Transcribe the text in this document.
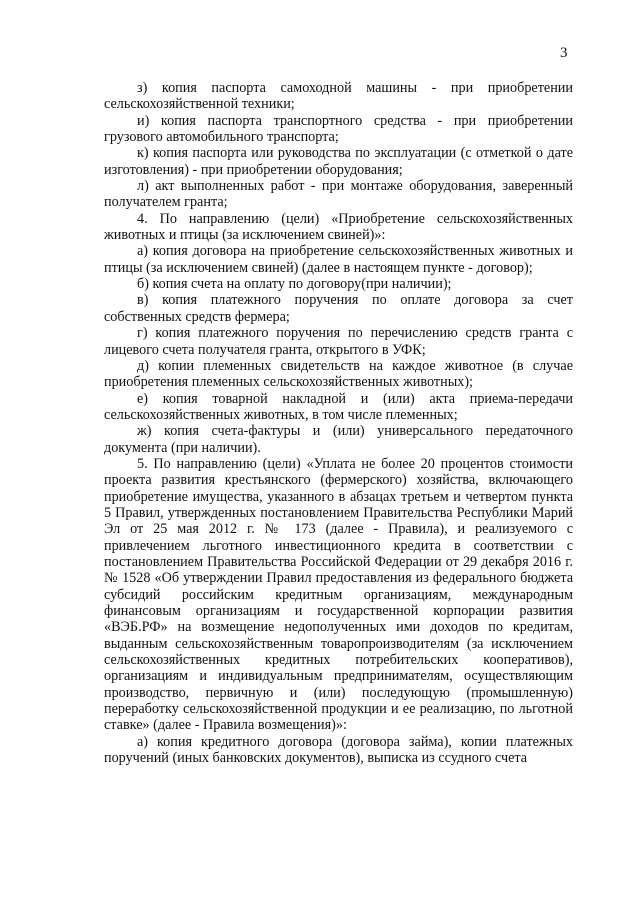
3

з) копия паспорта самоходной машины - при приобретении сельскохозяйственной техники;

и) копия паспорта транспортного средства - при приобретении грузового автомобильного транспорта;

к) копия паспорта или руководства по эксплуатации (с отметкой о дате изготовления) - при приобретении оборудования;

л) акт выполненных работ - при монтаже оборудования, заверенный получателем гранта;

4. По направлению (цели) «Приобретение сельскохозяйственных животных и птицы (за исключением свиней)»:

а) копия договора на приобретение сельскохозяйственных животных и птицы (за исключением свиней) (далее в настоящем пункте - договор);

б) копия счета на оплату по договору(при наличии);

в) копия платежного поручения по оплате договора за счет собственных средств фермера;

г) копия платежного поручения по перечислению средств гранта с лицевого счета получателя гранта, открытого в УФК;

д) копии племенных свидетельств на каждое животное (в случае приобретения племенных сельскохозяйственных животных);

е) копия товарной накладной и (или) акта приема-передачи сельскохозяйственных животных, в том числе племенных;

ж) копия счета-фактуры и (или) универсального передаточного документа (при наличии).

5. По направлению (цели) «Уплата не более 20 процентов стоимости проекта развития крестьянского (фермерского) хозяйства, включающего приобретение имущества, указанного в абзацах третьем и четвертом пункта 5 Правил, утвержденных постановлением Правительства Республики Марий Эл от 25 мая 2012 г. № 173 (далее - Правила), и реализуемого с привлечением льготного инвестиционного кредита в соответствии с постановлением Правительства Российской Федерации от 29 декабря 2016 г. № 1528 «Об утверждении Правил предоставления из федерального бюджета субсидий российским кредитным организациям, международным финансовым организациям и государственной корпорации развития «ВЭБ.РФ» на возмещение недополученных ими доходов по кредитам, выданным сельскохозяйственным товаропроизводителям (за исключением сельскохозяйственных кредитных потребительских кооперативов), организациям и индивидуальным предпринимателям, осуществляющим производство, первичную и (или) последующую (промышленную) переработку сельскохозяйственной продукции и ее реализацию, по льготной ставке» (далее - Правила возмещения)»:

а) копия кредитного договора (договора займа), копии платежных поручений (иных банковских документов), выписка из ссудного счета
